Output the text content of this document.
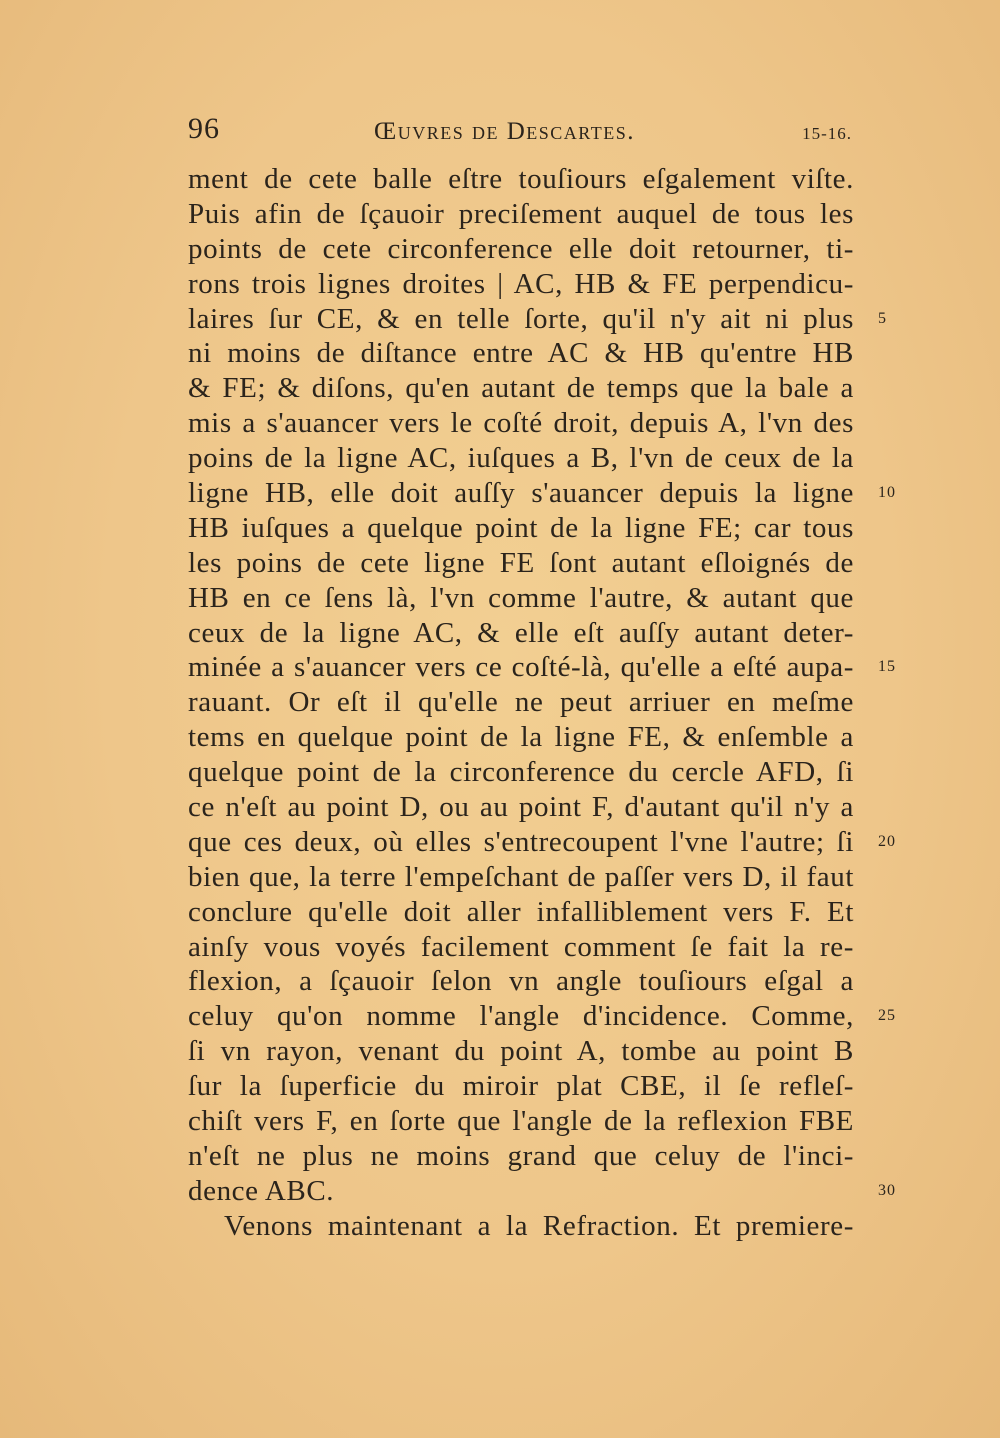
96	Œuvres de Descartes.	15-16.
ment de cete balle eſtre touſiours eſgalement viſte.
Puis afin de ſçauoir preciſement auquel de tous les
points de cete circonference elle doit retourner, ti-
rons trois lignes droites | AC, HB & FE perpendicu-
laires ſur CE, & en telle ſorte, qu'il n'y ait ni plus 5
ni moins de diſtance entre AC & HB qu'entre HB
& FE; & diſons, qu'en autant de temps que la bale a
mis a s'auancer vers le coſté droit, depuis A, l'vn des
poins de la ligne AC, iuſques a B, l'vn de ceux de la
ligne HB, elle doit auſſy s'auancer depuis la ligne 10
HB iuſques a quelque point de la ligne FE; car tous
les poins de cete ligne FE ſont autant eſloignés de
HB en ce ſens là, l'vn comme l'autre, & autant que
ceux de la ligne AC, & elle eſt auſſy autant deter-
minée a s'auancer vers ce coſté-là, qu'elle a eſté aupa- 15
rauant. Or eſt il qu'elle ne peut arriuer en meſme
tems en quelque point de la ligne FE, & enſemble a
quelque point de la circonference du cercle AFD, ſi
ce n'eſt au point D, ou au point F, d'autant qu'il n'y a
que ces deux, où elles s'entrecoupent l'vne l'autre; ſi 20
bien que, la terre l'empeſchant de paſſer vers D, il faut
conclure qu'elle doit aller infalliblement vers F. Et
ainſy vous voyés facilement comment ſe fait la re-
flexion, a ſçauoir ſelon vn angle touſiours eſgal a
celuy qu'on nomme l'angle d'incidence. Comme, 25
ſi vn rayon, venant du point A, tombe au point B
ſur la ſuperficie du miroir plat CBE, il ſe refleſ-
chiſt vers F, en ſorte que l'angle de la reflexion FBE
n'eſt ne plus ne moins grand que celuy de l'inci-
dence ABC.	30
Venons maintenant a la Refraction. Et premiere-
